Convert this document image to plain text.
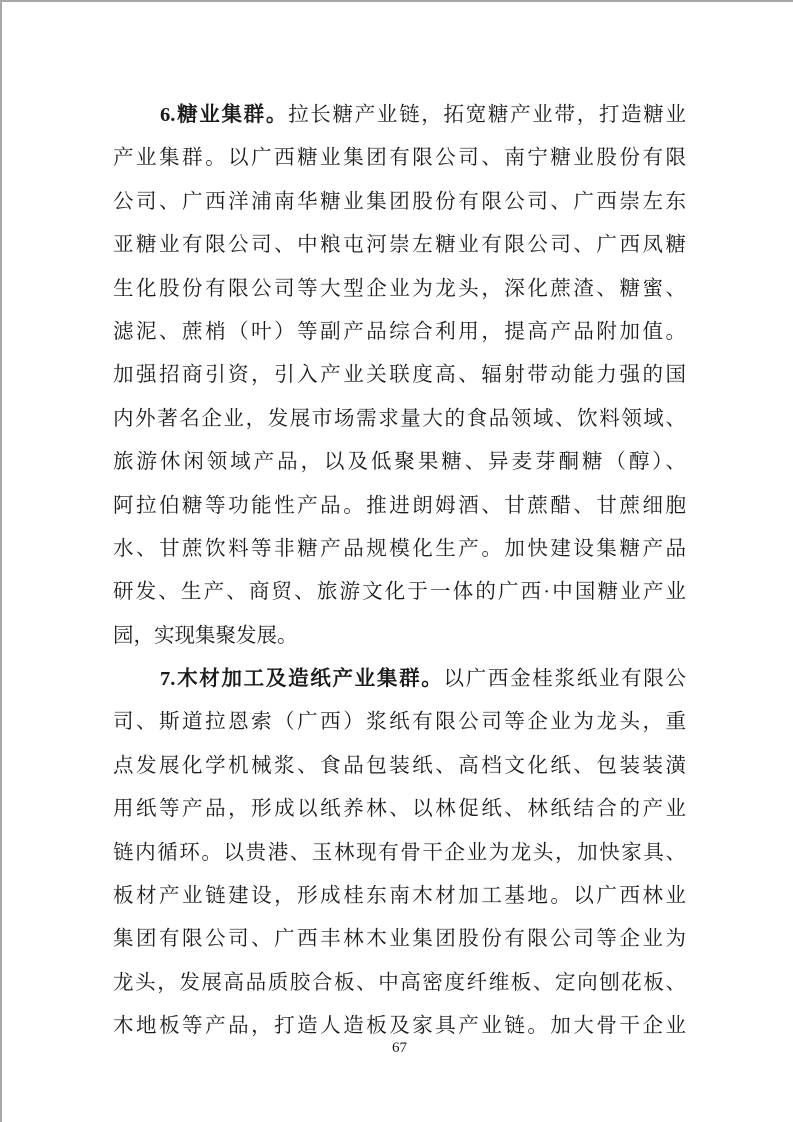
6.糖业集群。拉长糖产业链，拓宽糖产业带，打造糖业
产业集群。以广西糖业集团有限公司、南宁糖业股份有限
公司、广西洋浦南华糖业集团股份有限公司、广西崇左东
亚糖业有限公司、中粮屯河崇左糖业有限公司、广西凤糖
生化股份有限公司等大型企业为龙头，深化蔗渣、糖蜜、
滤泥、蔗梢（叶）等副产品综合利用，提高产品附加值。
加强招商引资，引入产业关联度高、辐射带动能力强的国
内外著名企业，发展市场需求量大的食品领域、饮料领域、
旅游休闲领域产品，以及低聚果糖、异麦芽酮糖（醇）、
阿拉伯糖等功能性产品。推进朗姆酒、甘蔗醋、甘蔗细胞
水、甘蔗饮料等非糖产品规模化生产。加快建设集糖产品
研发、生产、商贸、旅游文化于一体的广西·中国糖业产业
园，实现集聚发展。
7.木材加工及造纸产业集群。以广西金桂浆纸业有限公
司、斯道拉恩索（广西）浆纸有限公司等企业为龙头，重
点发展化学机械浆、食品包装纸、高档文化纸、包装装潢
用纸等产品，形成以纸养林、以林促纸、林纸结合的产业
链内循环。以贵港、玉林现有骨干企业为龙头，加快家具、
板材产业链建设，形成桂东南木材加工基地。以广西林业
集团有限公司、广西丰林木业集团股份有限公司等企业为
龙头，发展高品质胶合板、中高密度纤维板、定向刨花板、
木地板等产品，打造人造板及家具产业链。加大骨干企业
67
